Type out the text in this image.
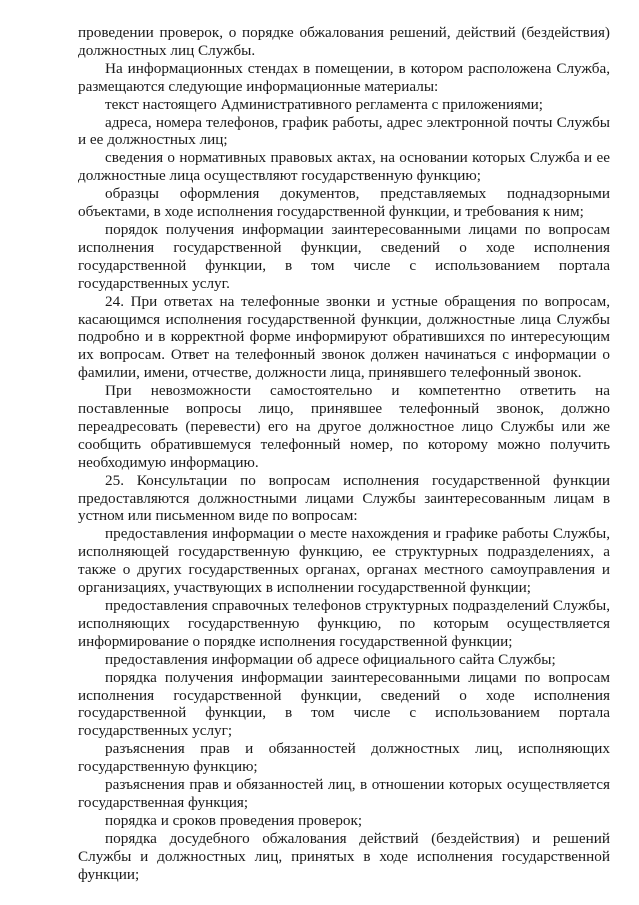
проведении проверок, о порядке обжалования решений, действий (бездействия) должностных лиц Службы.

На информационных стендах в помещении, в котором расположена Служба, размещаются следующие информационные материалы:

текст настоящего Административного регламента с приложениями;

адреса, номера телефонов, график работы, адрес электронной почты Службы и ее должностных лиц;

сведения о нормативных правовых актах, на основании которых Служба и ее должностные лица осуществляют государственную функцию;

образцы оформления документов, представляемых поднадзорными объектами, в ходе исполнения государственной функции, и требования к ним;

порядок получения информации заинтересованными лицами по вопросам исполнения государственной функции, сведений о ходе исполнения государственной функции, в том числе с использованием портала государственных услуг.

24. При ответах на телефонные звонки и устные обращения по вопросам, касающимся исполнения государственной функции, должностные лица Службы подробно и в корректной форме информируют обратившихся по интересующим их вопросам. Ответ на телефонный звонок должен начинаться с информации о фамилии, имени, отчестве, должности лица, принявшего телефонный звонок.

При невозможности самостоятельно и компетентно ответить на поставленные вопросы лицо, принявшее телефонный звонок, должно переадресовать (перевести) его на другое должностное лицо Службы или же сообщить обратившемуся телефонный номер, по которому можно получить необходимую информацию.

25. Консультации по вопросам исполнения государственной функции предоставляются должностными лицами Службы заинтересованным лицам в устном или письменном виде по вопросам:

предоставления информации о месте нахождения и графике работы Службы, исполняющей государственную функцию, ее структурных подразделениях, а также о других государственных органах, органах местного самоуправления и организациях, участвующих в исполнении государственной функции;

предоставления справочных телефонов структурных подразделений Службы, исполняющих государственную функцию, по которым осуществляется информирование о порядке исполнения государственной функции;

предоставления информации об адресе официального сайта Службы;

порядка получения информации заинтересованными лицами по вопросам исполнения государственной функции, сведений о ходе исполнения государственной функции, в том числе с использованием портала государственных услуг;

разъяснения прав и обязанностей должностных лиц, исполняющих государственную функцию;

разъяснения прав и обязанностей лиц, в отношении которых осуществляется государственная функция;

порядка и сроков проведения проверок;

порядка досудебного обжалования действий (бездействия) и решений Службы и должностных лиц, принятых в ходе исполнения государственной функции;
